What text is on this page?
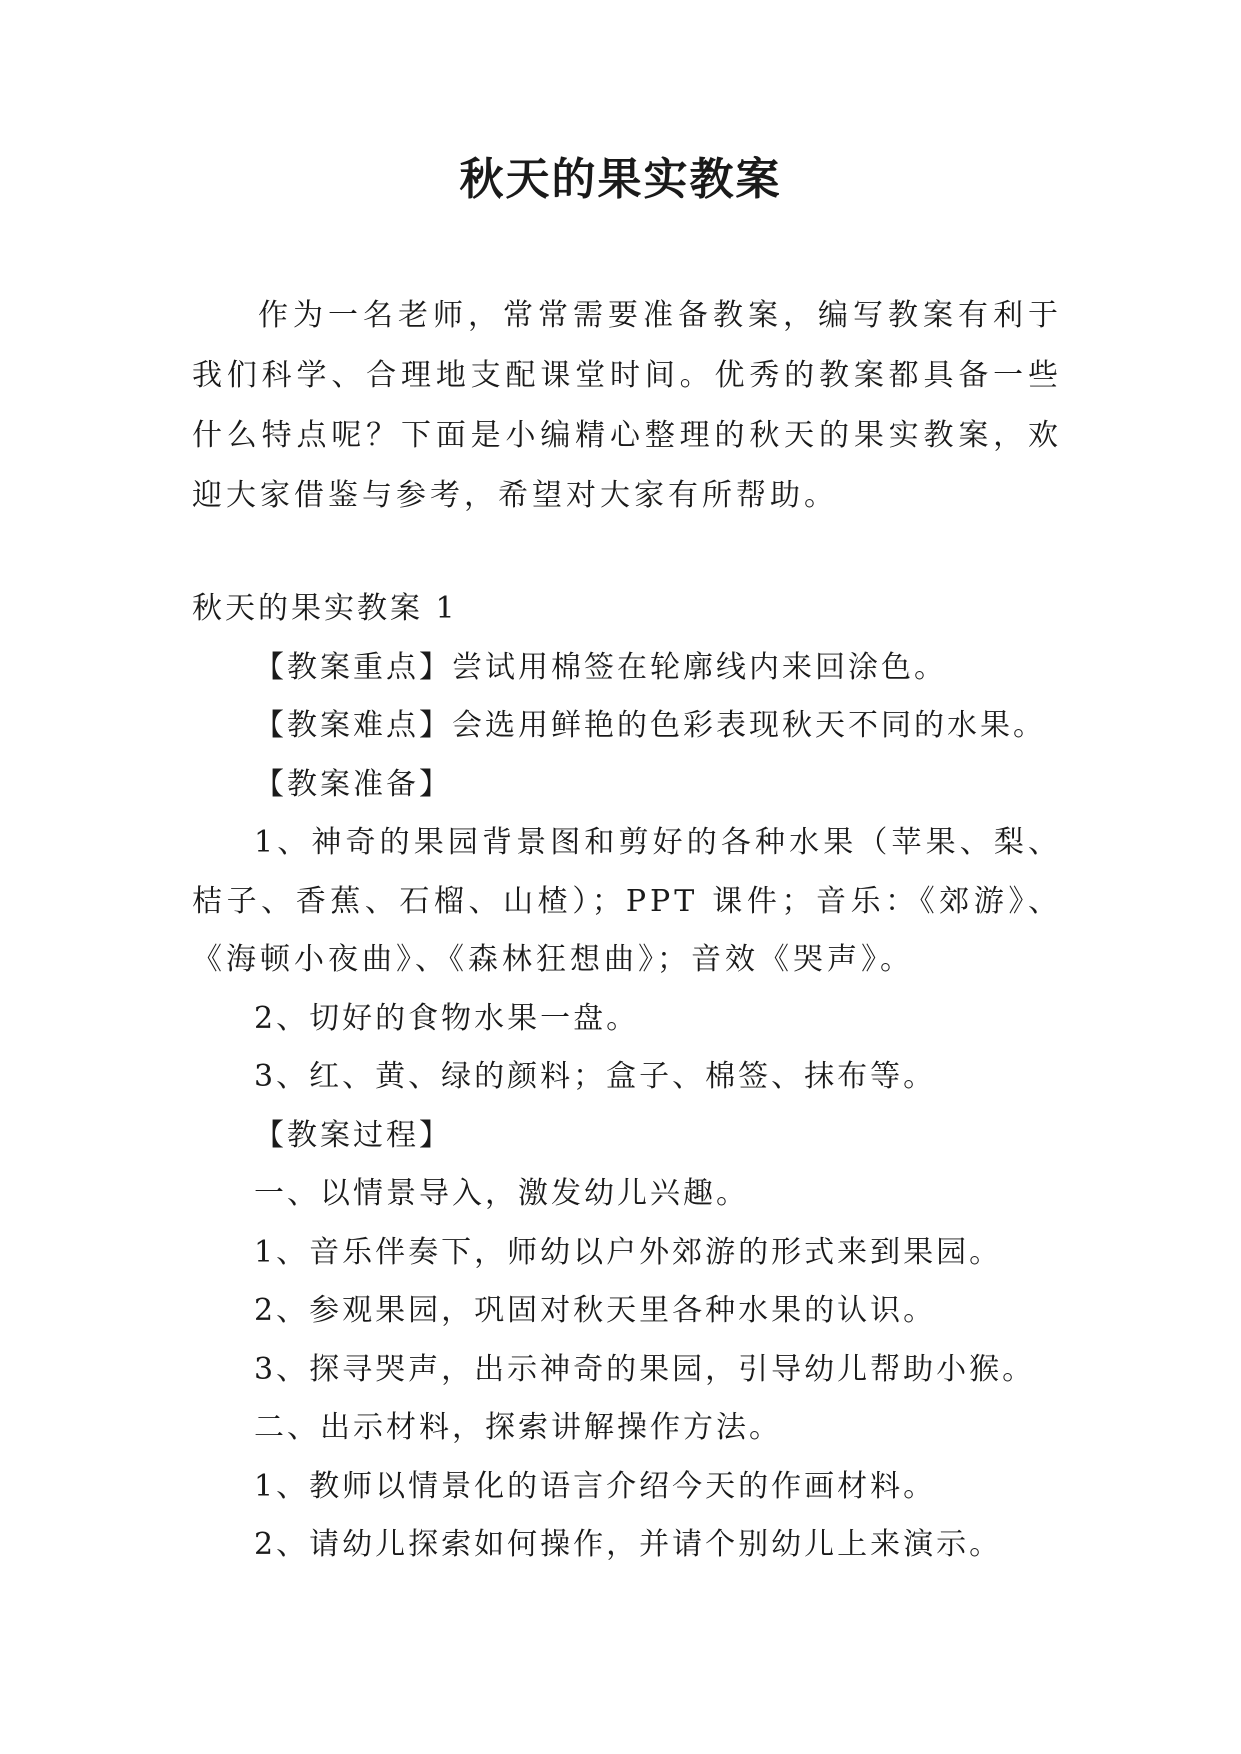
秋天的果实教案

作为一名老师，常常需要准备教案，编写教案有利于我们科学、合理地支配课堂时间。优秀的教案都具备一些什么特点呢？下面是小编精心整理的秋天的果实教案，欢迎大家借鉴与参考，希望对大家有所帮助。

秋天的果实教案 1
【教案重点】尝试用棉签在轮廓线内来回涂色。
【教案难点】会选用鲜艳的色彩表现秋天不同的水果。
【教案准备】
1、神奇的果园背景图和剪好的各种水果（苹果、梨、桔子、香蕉、石榴、山楂）；PPT 课件；音乐：《郊游》、《海顿小夜曲》、《森林狂想曲》；音效《哭声》。
2、切好的食物水果一盘。
3、红、黄、绿的颜料；盒子、棉签、抹布等。
【教案过程】
一、以情景导入，激发幼儿兴趣。
1、音乐伴奏下，师幼以户外郊游的形式来到果园。
2、参观果园，巩固对秋天里各种水果的认识。
3、探寻哭声，出示神奇的果园，引导幼儿帮助小猴。
二、出示材料，探索讲解操作方法。
1、教师以情景化的语言介绍今天的作画材料。
2、请幼儿探索如何操作，并请个别幼儿上来演示。
